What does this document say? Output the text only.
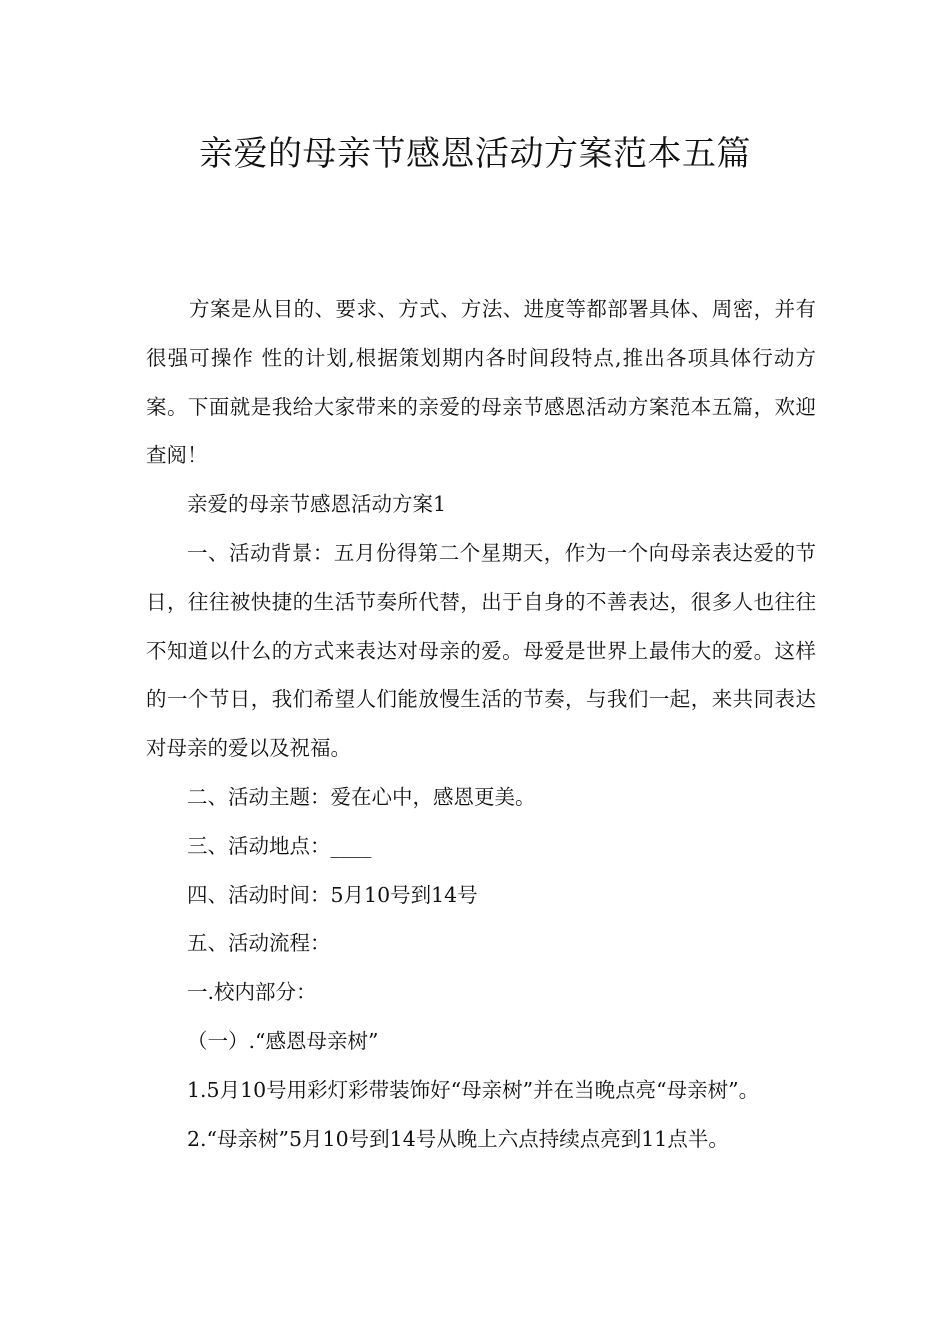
亲爱的母亲节感恩活动方案范本五篇

方案是从目的、要求、方式、方法、进度等都部署具体、周密，并有很强可操作 性的计划,根据策划期内各时间段特点,推出各项具体行动方案。下面就是我给大家带来的亲爱的母亲节感恩活动方案范本五篇，欢迎查阅！

亲爱的母亲节感恩活动方案1

一、活动背景：五月份得第二个星期天，作为一个向母亲表达爱的节日，往往被快捷的生活节奏所代替，出于自身的不善表达，很多人也往往不知道以什么的方式来表达对母亲的爱。母爱是世界上最伟大的爱。这样的一个节日，我们希望人们能放慢生活的节奏，与我们一起，来共同表达对母亲的爱以及祝福。

二、活动主题：爱在心中，感恩更美。

三、活动地点：____

四、活动时间：5月10号到14号

五、活动流程：

一.校内部分：

（一）.“感恩母亲树”

1.5月10号用彩灯彩带装饰好“母亲树”并在当晚点亮“母亲树”。

2.“母亲树”5月10号到14号从晚上六点持续点亮到11点半。
